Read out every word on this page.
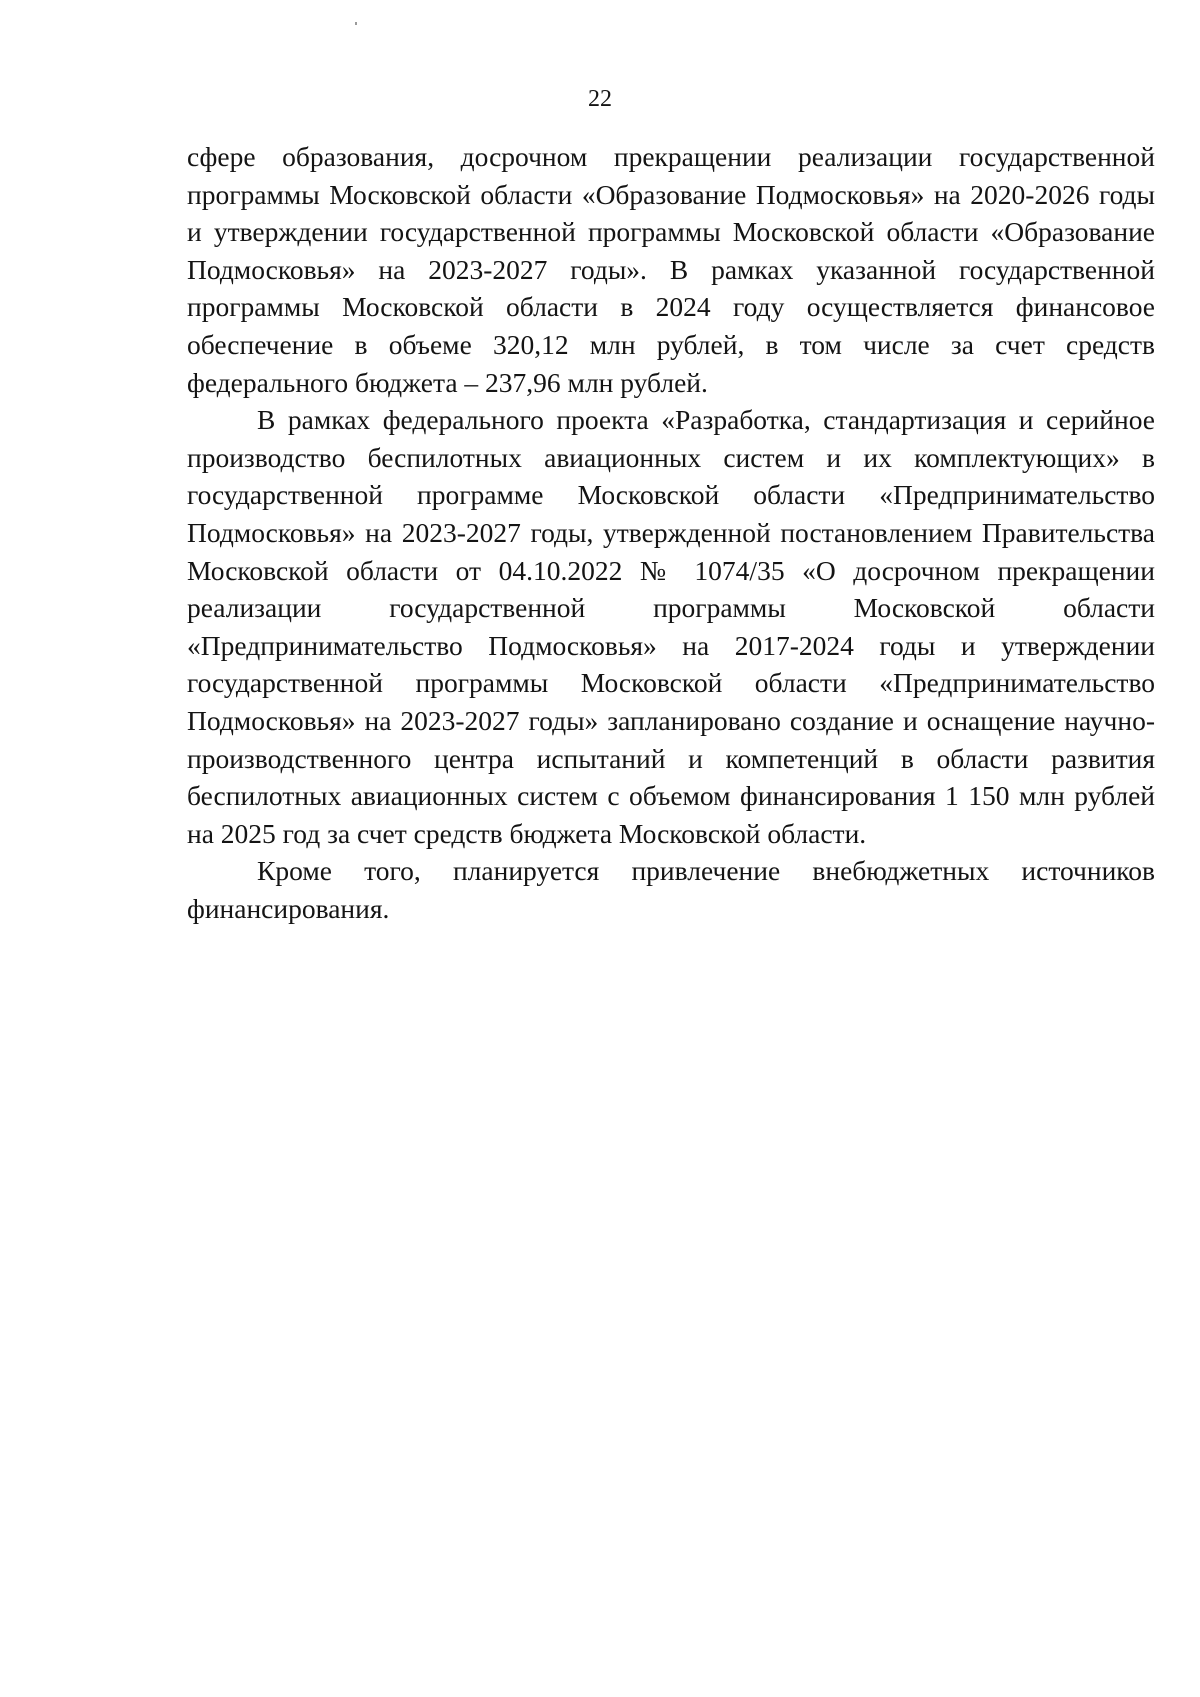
22

сфере образования, досрочном прекращении реализации государственной программы Московской области «Образование Подмосковья» на 2020-2026 годы и утверждении государственной программы Московской области «Образование Подмосковья» на 2023-2027 годы». В рамках указанной государственной программы Московской области в 2024 году осуществляется финансовое обеспечение в объеме 320,12 млн рублей, в том числе за счет средств федерального бюджета – 237,96 млн рублей.

В рамках федерального проекта «Разработка, стандартизация и серийное производство беспилотных авиационных систем и их комплектующих» в государственной программе Московской области «Предпринимательство Подмосковья» на 2023-2027 годы, утвержденной постановлением Правительства Московской области от 04.10.2022 № 1074/35 «О досрочном прекращении реализации государственной программы Московской области «Предпринимательство Подмосковья» на 2017-2024 годы и утверждении государственной программы Московской области «Предпринимательство Подмосковья» на 2023-2027 годы» запланировано создание и оснащение научно-производственного центра испытаний и компетенций в области развития беспилотных авиационных систем с объемом финансирования 1 150 млн рублей на 2025 год за счет средств бюджета Московской области.

Кроме того, планируется привлечение внебюджетных источников финансирования.
